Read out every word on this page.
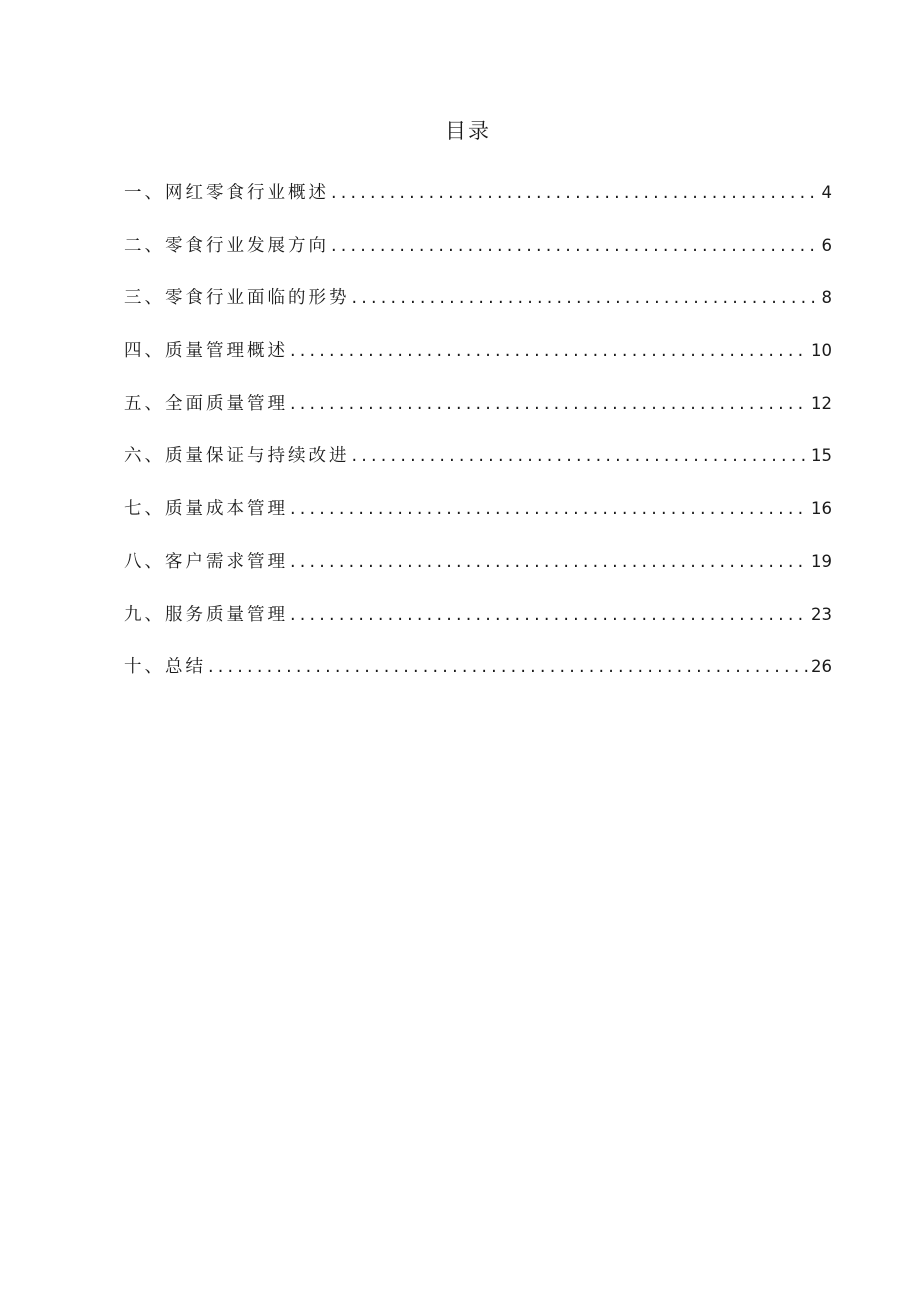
目录
一、网红零食行业概述 .....	4
二、零食行业发展方向 .....	6
三、零食行业面临的形势 .....	8
四、质量管理概述 .....	10
五、全面质量管理 .....	12
六、质量保证与持续改进 .....	15
七、质量成本管理 .....	16
八、客户需求管理 .....	19
九、服务质量管理 .....	23
十、总结 .....	26
